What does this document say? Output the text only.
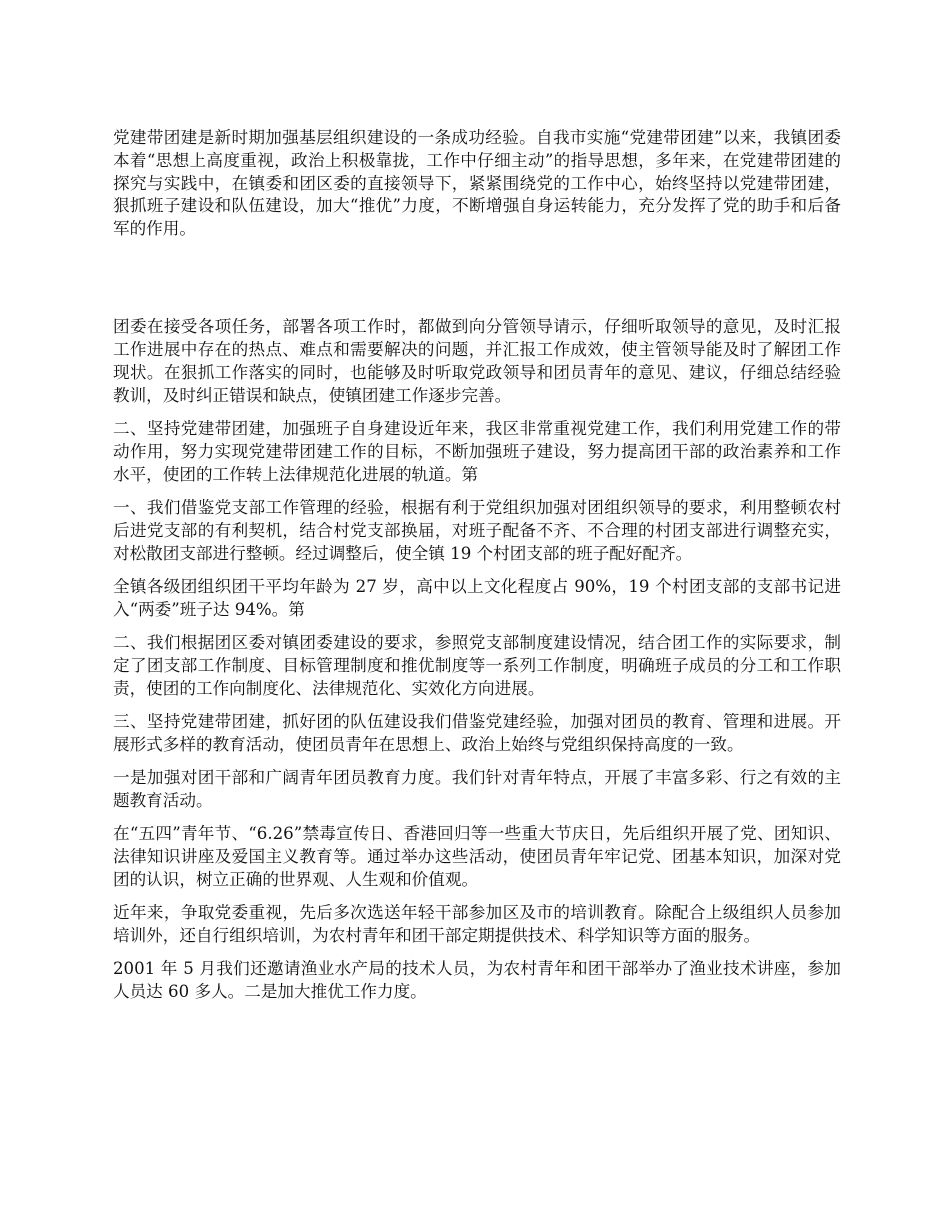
党建带团建是新时期加强基层组织建设的一条成功经验。自我市实施“党建带团建”以来，我镇团委本着“思想上高度重视，政治上积极靠拢，工作中仔细主动”的指导思想，多年来，在党建带团建的探究与实践中，在镇委和团区委的直接领导下，紧紧围绕党的工作中心，始终坚持以党建带团建，狠抓班子建设和队伍建设，加大“推优”力度，不断增强自身运转能力，充分发挥了党的助手和后备军的作用。

团委在接受各项任务，部署各项工作时，都做到向分管领导请示，仔细听取领导的意见，及时汇报工作进展中存在的热点、难点和需要解决的问题，并汇报工作成效，使主管领导能及时了解团工作现状。在狠抓工作落实的同时，也能够及时听取党政领导和团员青年的意见、建议，仔细总结经验教训，及时纠正错误和缺点，使镇团建工作逐步完善。

二、坚持党建带团建，加强班子自身建设近年来，我区非常重视党建工作，我们利用党建工作的带动作用，努力实现党建带团建工作的目标，不断加强班子建设，努力提高团干部的政治素养和工作水平，使团的工作转上法律规范化进展的轨道。第

一、我们借鉴党支部工作管理的经验，根据有利于党组织加强对团组织领导的要求，利用整顿农村后进党支部的有利契机，结合村党支部换届，对班子配备不齐、不合理的村团支部进行调整充实，对松散团支部进行整顿。经过调整后，使全镇 19 个村团支部的班子配好配齐。

全镇各级团组织团干平均年龄为 27 岁，高中以上文化程度占 90%，19 个村团支部的支部书记进入“两委”班子达 94%。第

二、我们根据团区委对镇团委建设的要求，参照党支部制度建设情况，结合团工作的实际要求，制定了团支部工作制度、目标管理制度和推优制度等一系列工作制度，明确班子成员的分工和工作职责，使团的工作向制度化、法律规范化、实效化方向进展。

三、坚持党建带团建，抓好团的队伍建设我们借鉴党建经验，加强对团员的教育、管理和进展。开展形式多样的教育活动，使团员青年在思想上、政治上始终与党组织保持高度的一致。

一是加强对团干部和广阔青年团员教育力度。我们针对青年特点，开展了丰富多彩、行之有效的主题教育活动。

在“五四”青年节、“6.26”禁毒宣传日、香港回归等一些重大节庆日，先后组织开展了党、团知识、法律知识讲座及爱国主义教育等。通过举办这些活动，使团员青年牢记党、团基本知识，加深对党团的认识，树立正确的世界观、人生观和价值观。

近年来，争取党委重视，先后多次选送年轻干部参加区及市的培训教育。除配合上级组织人员参加培训外，还自行组织培训，为农村青年和团干部定期提供技术、科学知识等方面的服务。

2001 年 5 月我们还邀请渔业水产局的技术人员，为农村青年和团干部举办了渔业技术讲座，参加人员达 60 多人。二是加大推优工作力度。
